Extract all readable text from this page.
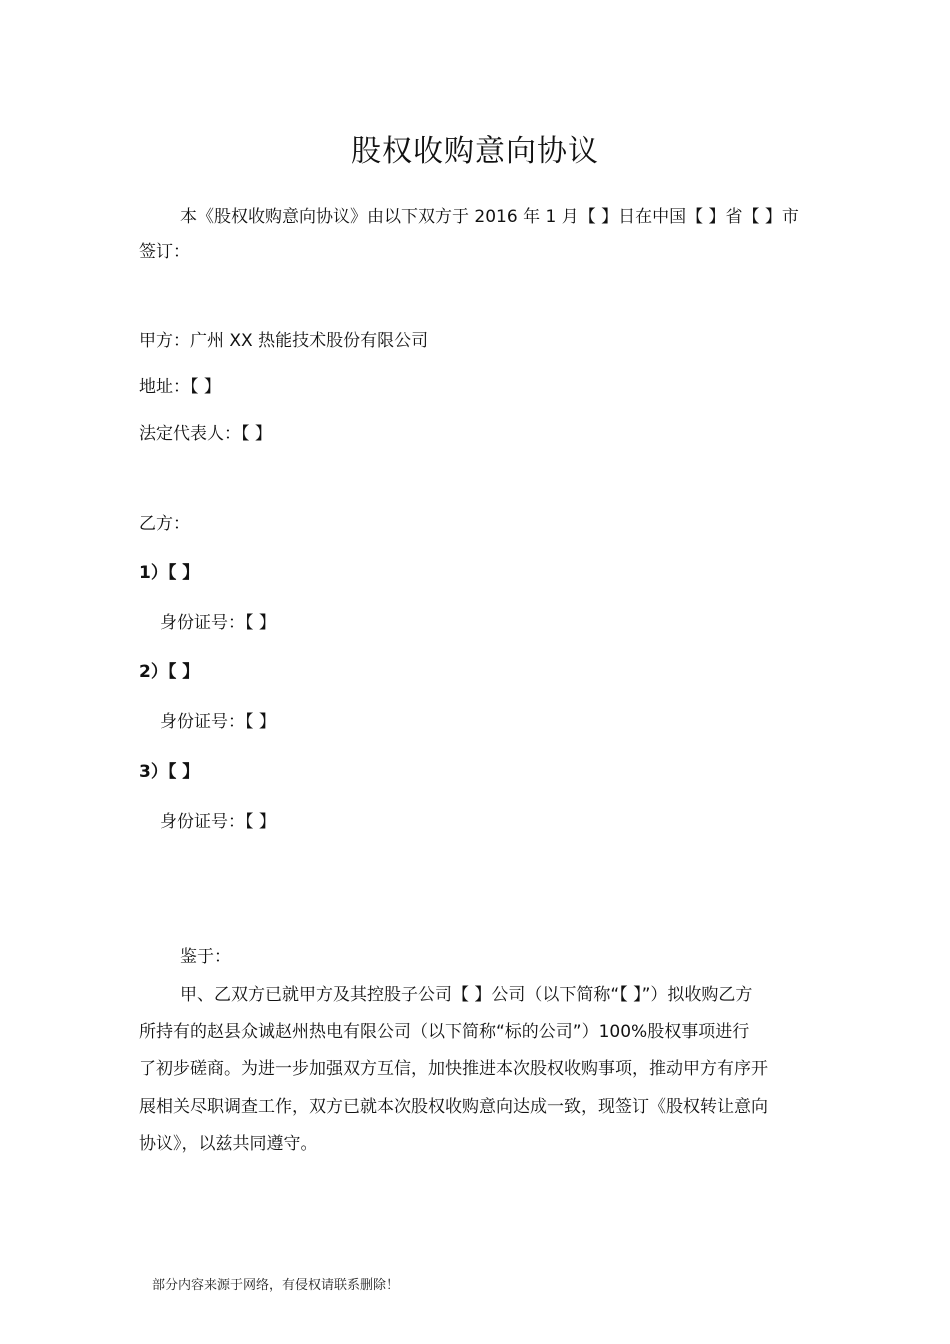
股权收购意向协议
本《股权收购意向协议》由以下双方于 2016 年 1 月【 】日在中国【 】省【 】市
签订：
甲方：广州 XX 热能技术股份有限公司
地址：【 】
法定代表人：【 】
乙方：
1）【 】
身份证号：【 】
2）【 】
身份证号：【 】
3）【 】
身份证号：【 】
鉴于：
甲、乙双方已就甲方及其控股子公司【 】公司（以下简称“【 】”）拟收购乙方
所持有的赵县众诚赵州热电有限公司（以下简称“标的公司”）100%股权事项进行
了初步磋商。为进一步加强双方互信，加快推进本次股权收购事项，推动甲方有序开
展相关尽职调查工作，双方已就本次股权收购意向达成一致，现签订《股权转让意向
协议》，以兹共同遵守。
部分内容来源于网络，有侵权请联系删除！
